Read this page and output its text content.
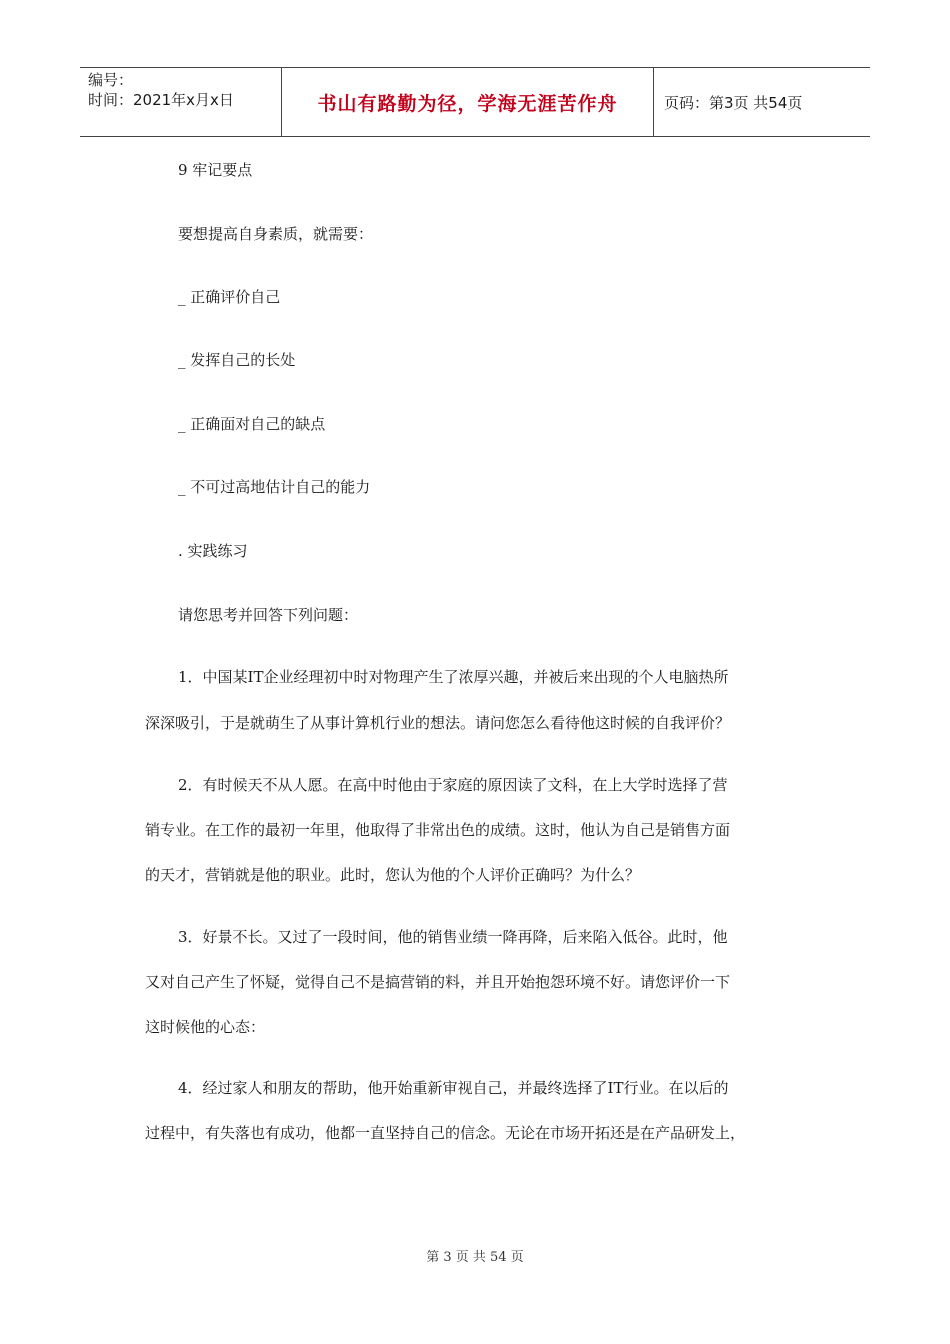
编号：
时间：2021年x月x日	书山有路勤为径，学海无涯苦作舟	页码：第3页 共54页

9 牢记要点

要想提高自身素质，就需要：

_ 正确评价自己

_ 发挥自己的长处

_ 正确面对自己的缺点

_ 不可过高地估计自己的能力

. 实践练习

请您思考并回答下列问题：

1．中国某IT企业经理初中时对物理产生了浓厚兴趣，并被后来出现的个人电脑热所

深深吸引，于是就萌生了从事计算机行业的想法。请问您怎么看待他这时候的自我评价？

2．有时候天不从人愿。在高中时他由于家庭的原因读了文科，在上大学时选择了营

销专业。在工作的最初一年里，他取得了非常出色的成绩。这时，他认为自己是销售方面

的天才，营销就是他的职业。此时，您认为他的个人评价正确吗？为什么？

3．好景不长。又过了一段时间，他的销售业绩一降再降，后来陷入低谷。此时，他

又对自己产生了怀疑，觉得自己不是搞营销的料，并且开始抱怨环境不好。请您评价一下

这时候他的心态：

4．经过家人和朋友的帮助，他开始重新审视自己，并最终选择了IT行业。在以后的

过程中，有失落也有成功，他都一直坚持自己的信念。无论在市场开拓还是在产品研发上，

第 3 页 共 54 页
